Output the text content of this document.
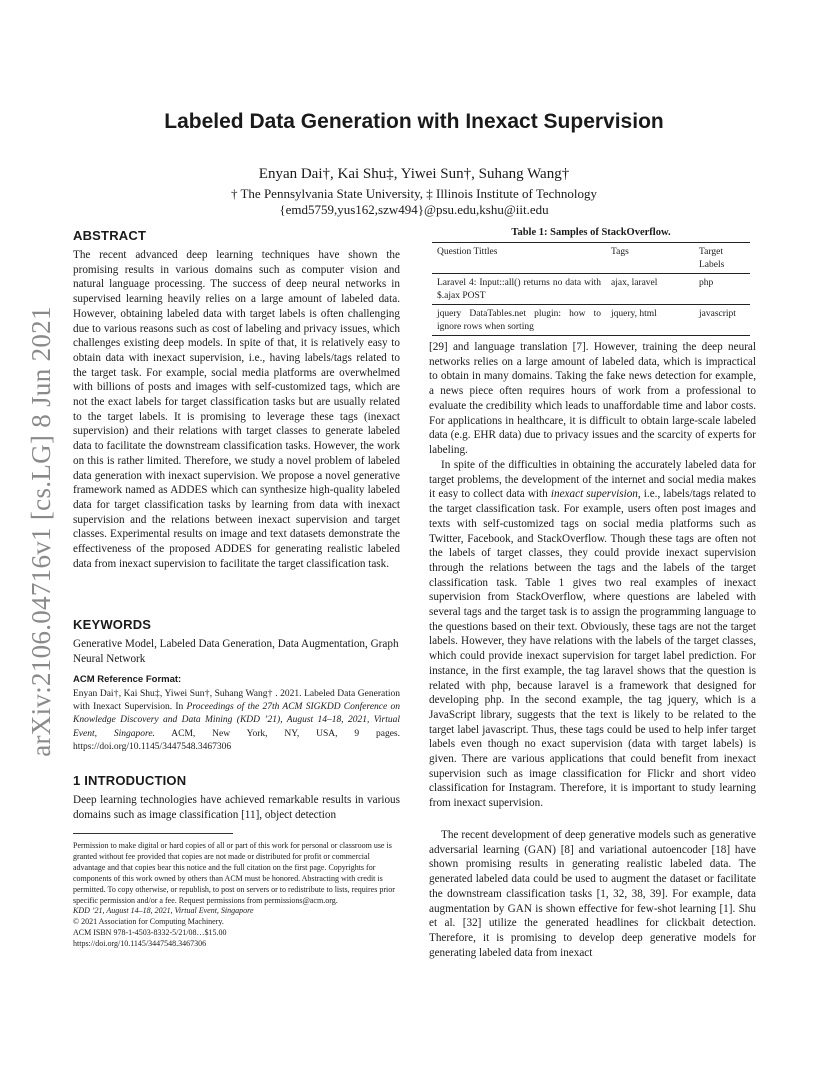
arXiv:2106.04716v1 [cs.LG] 8 Jun 2021
Labeled Data Generation with Inexact Supervision
Enyan Dai†, Kai Shu‡, Yiwei Sun†, Suhang Wang†
† The Pennsylvania State University, ‡ Illinois Institute of Technology
{emd5759,yus162,szw494}@psu.edu,kshu@iit.edu
ABSTRACT

The recent advanced deep learning techniques have shown the promising results in various domains such as computer vision and natural language processing. The success of deep neural networks in supervised learning heavily relies on a large amount of labeled data. However, obtaining labeled data with target labels is often challenging due to various reasons such as cost of labeling and privacy issues, which challenges existing deep models. In spite of that, it is relatively easy to obtain data with inexact supervision, i.e., having labels/tags related to the target task. For example, social media platforms are overwhelmed with billions of posts and images with self-customized tags, which are not the exact labels for target classification tasks but are usually related to the target labels. It is promising to leverage these tags (inexact supervision) and their relations with target classes to generate labeled data to facilitate the downstream classification tasks. However, the work on this is rather limited. Therefore, we study a novel problem of labeled data generation with inexact supervision. We propose a novel generative framework named as ADDES which can synthesize high-quality labeled data for target classification tasks by learning from data with inexact supervision and the relations between inexact supervision and target classes. Experimental results on image and text datasets demonstrate the effectiveness of the proposed ADDES for generating realistic labeled data from inexact supervision to facilitate the target classification task.

KEYWORDS

Generative Model, Labeled Data Generation, Data Augmentation, Graph Neural Network

ACM Reference Format:
Enyan Dai†, Kai Shu‡, Yiwei Sun†, Suhang Wang† . 2021. Labeled Data Generation with Inexact Supervision. In Proceedings of the 27th ACM SIGKDD Conference on Knowledge Discovery and Data Mining (KDD ’21), August 14–18, 2021, Virtual Event, Singapore. ACM, New York, NY, USA, 9 pages. https://doi.org/10.1145/3447548.3467306
1 INTRODUCTION

Deep learning technologies have achieved remarkable results in various domains such as image classification [11], object detection

Permission to make digital or hard copies of all or part of this work for personal or classroom use is granted without fee provided that copies are not made or distributed for profit or commercial advantage and that copies bear this notice and the full citation on the first page. Copyrights for components of this work owned by others than ACM must be honored. Abstracting with credit is permitted. To copy otherwise, or republish, to post on servers or to redistribute to lists, requires prior specific permission and/or a fee. Request permissions from permissions@acm.org.
KDD ’21, August 14–18, 2021, Virtual Event, Singapore
© 2021 Association for Computing Machinery.
ACM ISBN 978-1-4503-8332-5/21/08…$15.00
https://doi.org/10.1145/3447548.3467306
Table 1: Samples of StackOverflow.
Question Tittles	Tags	Target Labels
Laravel 4: Input::all() returns no data with $.ajax POST	ajax, laravel	php
jquery DataTables.net plugin: how to ignore rows when sorting	jquery, html	javascript

[29] and language translation [7]. However, training the deep neural networks relies on a large amount of labeled data, which is impractical to obtain in many domains. Taking the fake news detection for example, a news piece often requires hours of work from a professional to evaluate the credibility which leads to unaffordable time and labor costs. For applications in healthcare, it is difficult to obtain large-scale labeled data (e.g. EHR data) due to privacy issues and the scarcity of experts for labeling.

In spite of the difficulties in obtaining the accurately labeled data for target problems, the development of the internet and social media makes it easy to collect data with inexact supervision, i.e., labels/tags related to the target classification task. For example, users often post images and texts with self-customized tags on social media platforms such as Twitter, Facebook, and StackOverflow. Though these tags are often not the labels of target classes, they could provide inexact supervision through the relations between the tags and the labels of the target classification task. Table 1 gives two real examples of inexact supervision from StackOverflow, where questions are labeled with several tags and the target task is to assign the programming language to the questions based on their text. Obviously, these tags are not the target labels. However, they have relations with the labels of the target classes, which could provide inexact supervision for target label prediction. For instance, in the first example, the tag laravel shows that the question is related with php, because laravel is a framework that designed for developing php. In the second example, the tag jquery, which is a JavaScript library, suggests that the text is likely to be related to the target label javascript. Thus, these tags could be used to help infer target labels even though no exact supervision (data with target labels) is given. There are various applications that could benefit from inexact supervision such as image classification for Flickr and short video classification for Instagram. Therefore, it is important to study learning from inexact supervision.

The recent development of deep generative models such as generative adversarial learning (GAN) [8] and variational autoencoder [18] have shown promising results in generating realistic labeled data. The generated labeled data could be used to augment the dataset or facilitate the downstream classification tasks [1, 32, 38, 39]. For example, data augmentation by GAN is shown effective for few-shot learning [1]. Shu et al. [32] utilize the generated headlines for clickbait detection. Therefore, it is promising to develop deep generative models for generating labeled data from inexact
